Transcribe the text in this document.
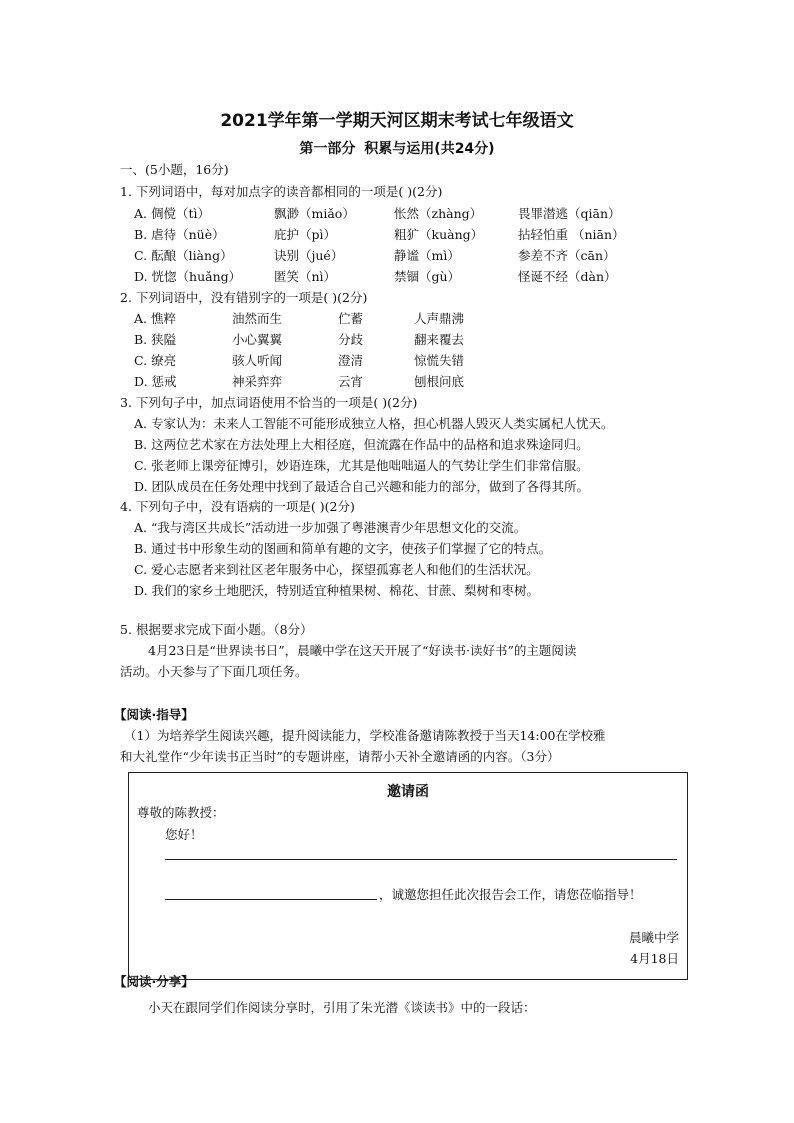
2021学年第一学期天河区期末考试七年级语文
第一部分 积累与运用(共24分)
一、(5小题，16分)
1. 下列词语中，每对加点字的读音都相同的一项是( )(2分)
A. 倜傥（tì）	飘渺（miǎo）	怅然（zhàng）	畏罪潜逃（qiān）
B. 虐待（nüè）	庇护（pì）	粗犷（kuàng）	拈轻怕重 （niān）
C. 酝酿（liàng）	诀别（jué）	静谧（mì）	参差不齐（cān）
D. 恍惚（huǎng）	匿笑（nì）	禁锢（gù）	怪诞不经（dàn）
2. 下列词语中，没有错别字的一项是( )(2分)
A. 憔粹	油然而生	伫蓄	人声鼎沸
B. 狭隘	小心翼翼	分歧	翻来覆去
C. 缭亮	骇人听闻	澄清	惊慌失错
D. 惩戒	神采弈弈	云宵	刨根问底
3. 下列句子中，加点词语使用不恰当的一项是( )(2分)
A. 专家认为：未来人工智能不可能形成独立人格，担心机器人毁灭人类实属杞人忧天。
B. 这两位艺术家在方法处理上大相径庭，但流露在作品中的品格和追求殊途同归。
C. 张老师上课旁征博引，妙语连珠，尤其是他咄咄逼人的气势让学生们非常信服。
D. 团队成员在任务处理中找到了最适合自己兴趣和能力的部分，做到了各得其所。
4. 下列句子中，没有语病的一项是( )(2分)
A. “我与湾区共成长”活动进一步加强了粤港澳青少年思想文化的交流。
B. 通过书中形象生动的图画和简单有趣的文字，使孩子们掌握了它的特点。
C. 爱心志愿者来到社区老年服务中心，探望孤寡老人和他们的生活状况。
D. 我们的家乡土地肥沃，特别适宜种植果树、棉花、甘蔗、梨树和枣树。
5. 根据要求完成下面小题。（8分）
4月23日是“世界读书日”，晨曦中学在这天开展了“好读书·读好书”的主题阅读
活动。小天参与了下面几项任务。
【阅读·指导】
（1）为培养学生阅读兴趣，提升阅读能力，学校准备邀请陈教授于当天14:00在学校雅
和大礼堂作“少年读书正当时”的专题讲座，请帮小天补全邀请函的内容。（3分）
邀请函
尊敬的陈教授：
您好！
，诚邀您担任此次报告会工作，请您莅临指导！
晨曦中学
4月18日
【阅读·分享】
小天在跟同学们作阅读分享时，引用了朱光潜《谈读书》中的一段话：
